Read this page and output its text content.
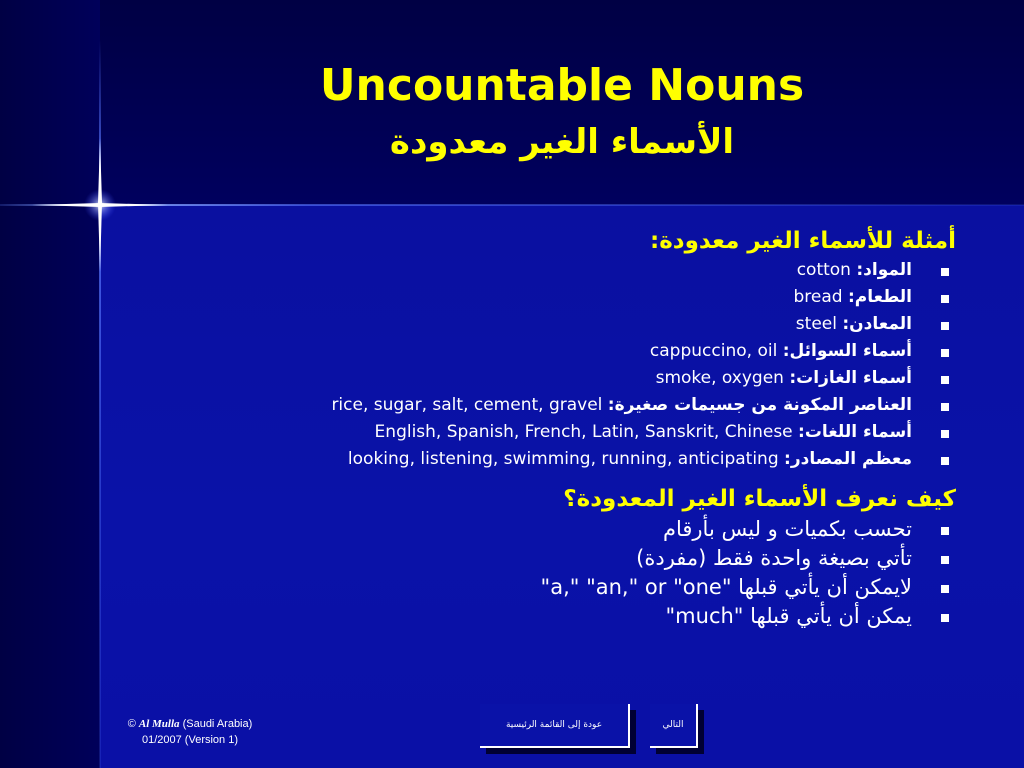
Uncountable Nouns
الأسماء الغير معدودة
أمثلة للأسماء الغير معدودة:
المواد: cotton
الطعام: bread
المعادن: steel
أسماء السوائل: cappuccino, oil
أسماء الغازات: smoke, oxygen
العناصر المكونة من جسيمات صغيرة: rice, sugar, salt, cement, gravel
أسماء اللغات: English, Spanish, French, Latin, Sanskrit, Chinese
معظم المصادر: looking, listening, swimming, running, anticipating
كيف نعرف الأسماء الغير المعدودة؟
تحسب بكميات و ليس بأرقام
تأتي بصيغة واحدة فقط (مفردة)
لايمكن أن يأتي قبلها "a," "an," or "one"
يمكن أن يأتي قبلها "much"
© Al Mulla (Saudi Arabia)
01/2007 (Version 1)
عودة إلى القائمة الرئيسية	التالي
